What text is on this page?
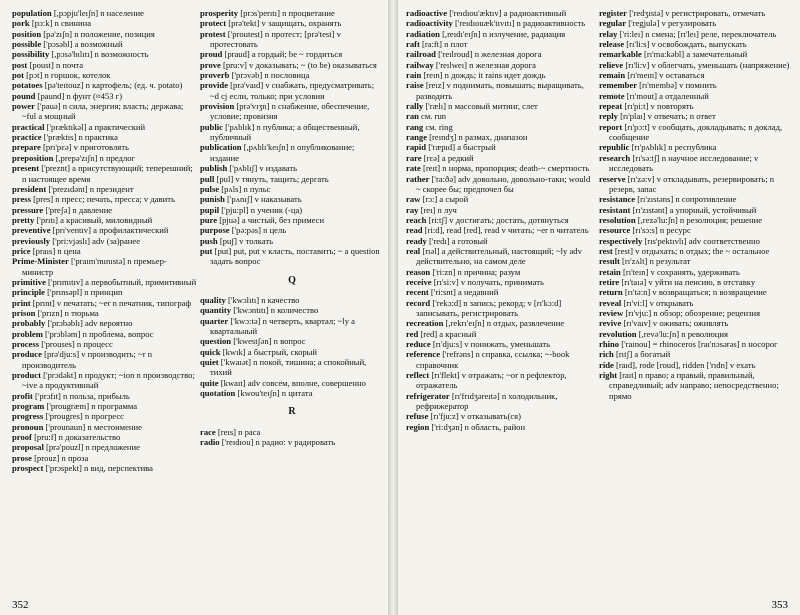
population [,pɔpju'leıʃn] n население
pork [pɔ:k] n свинина
position [pə'zıʃn] n положение, позиция
possible ['pɔsəbl] a возможный
possibility [,pɔsə'bılıtı] n возможность
post [poust] n почта
pot [pɔt] n горшок, котелок
potatoes [pə'teıtouz] n картофель; (ед. ч. potato)
pound [paund] n фунт (≈453 г)
power ['pauə] n сила, энергия; власть; держава; ~ful a мощный
practical ['præktıkəl] a практический
practice ['præktıs] n практика
prepare [prı'pɛə] v приготовлять
preposition [,prepə'zıʃn] n предлог
present ['preznt] a присутствующий; теперешний; n настоящее время
president ['prezıdənt] n президент
press [pres] n пресс; печать, пресса; v давить
pressure ['preʃə] n давление
pretty ['prıtı] a красивый, миловидный
preventive [prı'ventıv] a профилактический
previously ['pri:vjəslı] adv (за)ранее
price [praıs] n цена
Prime-Minister ['praım'mınıstə] n премьер-министр
primitive ['prımıtıv] a первобытный, примитивный
principle ['prınsəpl] n принцип
print [prınt] v печатать; ~er n печатник, типограф
prison ['prızn] n тюрьма
probably ['prɔbəblı] adv вероятно
problem ['prɔbləm] n проблема, вопрос
process ['prouses] n процесс
produce [prə'dju:s] v производить; ~r n производитель
product ['prɔdəkt] n продукт; ~ion n производство; ~ive a продуктивный
profit ['prɔfıt] n польза, прибыль
program ['prougræm] n программа
progress ['prougres] n прогресс
pronoun ['prounaun] n местоимение
proof [pru:f] n доказательство
proposal [prə'pouzl] n предложение
prose [prouz] n проза
prospect ['prɔspekt] n вид, перспектива
prosperity [prɔs'perıtı] n процветание
protect [prə'tekt] v защищать, охранять
protest ['proutest] n протест; [prə'test] v протестовать
proud [praud] a гордый; be ~ гордиться
prove [pru:v] v доказывать; ~ (to be) оказываться
proverb ['prɔvəb] n пословица
provide [prə'vaıd] v снабжать, предусматривать; ~d cj если, только; при условии
provision [prə'vıʒn] n снабжение, обеспечение, условие; провизия
public ['pʌblık] n публика; a общественный, публичный
publication [,pʌblı'keıʃn] n опубликование; издание
publish ['pʌblıʃ] v издавать
pull [pul] v тянуть, тащить; дергать
pulse [pʌls] n пульс
punish ['pʌnıʃ] v наказывать
pupil ['pju:pl] n ученик (-ца)
pure [pjuə] a чистый, без примеси
purpose ['pə:pəs] n цель
push [puʃ] v толкать
put [put] put, put v класть, поставить; ~ a question задать вопрос
Q
quality ['kwɔlıtı] n качество
quantity ['kwɔntıtı] n количество
quarter ['kwɔ:tə] n четверть, квартал; ~ly a квартальный
question ['kwestʃən] n вопрос
quick [kwık] a быстрый, скорый
quiet ['kwaıət] n покой, тишина; a спокойный, тихий
quite [kwaıt] adv совсем, вполне, совершенно
quotation [kwou'teıʃn] n цитата
R
race [reıs] n раса
radio ['reıdıou] n радио: v радировать
352
radioactive ['reıdıou'æktıv] a радиоактивный
radioactivity ['reıdıouæk'tıvıtı] n радиоактивность
radiation [,reıdı'eıʃn] n излучение, радиация
raft [ra:ft] n плот
railroad ['reılroud] n железная дорога
railway ['reılweı] n железная дорога
rain [reın] n дождь; it rains идет дождь
raise [reız] v поднимать, повышать; выращивать, разводить
rally ['rælı] n массовый митинг, слет
ran см. run
rang см. ring
range [reındʒ] n размах, диапазон
rapid ['ræpıd] a быстрый
rare [rɛə] a редкий
rate [reıt] n норма, пропорция; death-~ смертность
rather ['ra:ðə] adv довольно, довольно-таки; would ~ скорее бы; предпочел бы
raw [rɔ:] a сырой
ray [reı] n луч
reach [ri:tʃ] v достигать; достать, дотянуться
read [ri:d], read [red], read v читать; ~er n читатель
ready ['redı] a готовый
real [rıəl] a действительный, настоящий; ~ly adv действительно, на самом деле
reason ['ri:zn] n причина; разум
receive [rı'si:v] v получать, принимать
recent ['ri:snt] a недавний
record ['rekɔ:d] n запись; рекорд; v [rı'kɔ:d] записывать, регистрировать
recreation [,rekrı'eıʃn] n отдых, развлечение
red [red] a красный
reduce [rı'dju:s] v понижать, уменьшать
reference ['refrəns] n справка, ссылка; ~-book справочник
reflect [rı'flekt] v отражать; ~or n рефлектор, отражатель
refrigerator [rı'frıdʒəreıtə] n холодильник, рефрижератор
refuse [rı'fju:z] v отказывать(ся)
region ['ri:dʒən] n область, район
register ['redʒıstə] v регистрировать, отмечать
regular ['regjulə] v регулировать
relay ['ri:leı] n смена; [rı'leı] реле, переключатель
release [rı'li:s] v освобождать, выпускать
remarkable [rı'ma:kəbl] a замечательный
relieve [rı'li:v] v облегчать, уменьшать (напряжение)
remain [rı'meın] v оставаться
remember [rı'membə] v помнить
remote [rı'mout] a отдаленный
repeat [rı'pi:t] v повторять
reply [rı'plaı] v отвечать; n ответ
report [rı'pɔ:t] v сообщать, докладывать; n доклад, сообщение
republic [rı'pʌblık] n республика
research [rı'sə:tʃ] n научное исследование; v исследовать
reserve [rı'zə:v] v откладывать, резервировать; n резерв, запас
resistance [rı'zıstəns] n сопротивление
resistant [rı'zıstənt] a упорный, устойчивый
resolution [,rezə'lu:ʃn] n резолюция; решение
resource [rı'sɔ:s] n ресурс
respectively [rıs'pektıvlı] adv соответственно
rest [rest] v отдыхать; n отдых; the ~ остальное
result [rı'zʌlt] n результат
retain [rı'teın] v сохранять, удерживать
retire [rı'taıə] v уйти на пенсию, в отставку
return [rı'tə:n] v возвращаться; n возвращение
reveal [rı'vi:l] v открывать
review [rı'vju:] n обзор; обозрение; рецензия
revive [rı'vaıv] v оживать; оживлять
revolution [,revə'lu:ʃn] n революция
rhino ['raınou] = rhinoceros [raı'nɔsərəs] n носорог
rich [rıtʃ] a богатый
ride [raıd], rode [roud], ridden ['rıdn] v ехать
right [raıt] n право; a правый, правильный, справедливый; adv направо; непосредственно; прямо
353
